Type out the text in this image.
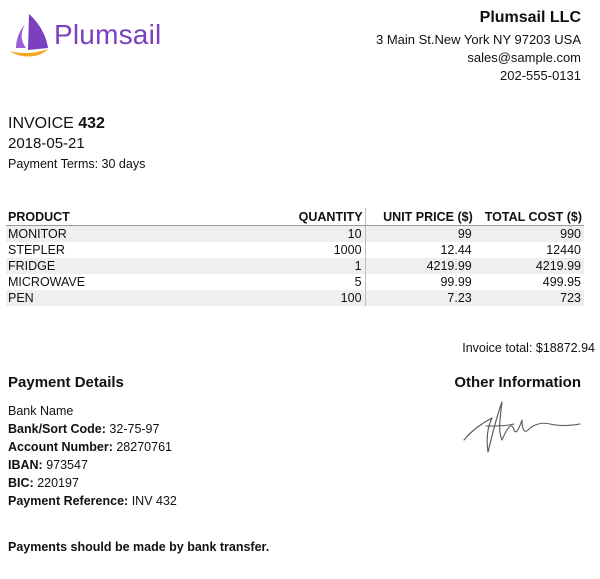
Plumsail
Plumsail LLC
3 Main St.New York NY 97203 USA
sales@sample.com
202-555-0131
INVOICE 432
2018-05-21
Payment Terms: 30 days
PRODUCT	QUANTITY	UNIT PRICE ($)	TOTAL COST ($)
MONITOR	10	99	990
STEPLER	1000	12.44	12440
FRIDGE	1	4219.99	4219.99
MICROWAVE	5	99.99	499.95
PEN	100	7.23	723
Invoice total: $18872.94
Payment Details	Other Information
Bank Name
Bank/Sort Code: 32-75-97
Account Number: 28270761
IBAN: 973547
BIC: 220197
Payment Reference: INV 432
Payments should be made by bank transfer.
